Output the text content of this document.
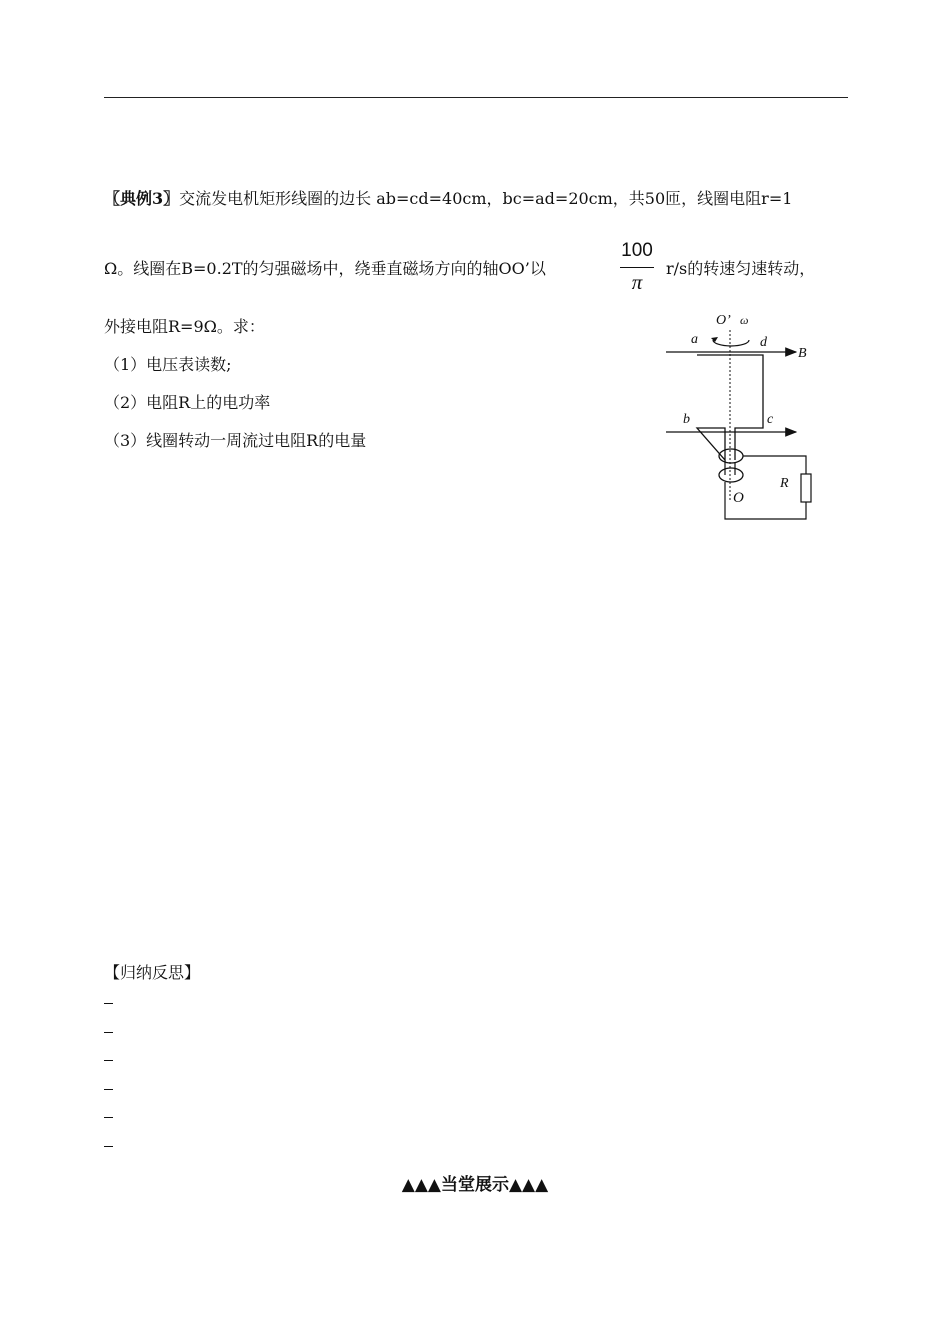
〖典例3〗交流发电机矩形线圈的边长 ab=cd=40cm，bc=ad=20cm，共50匝，线圈电阻r=1
Ω。线圈在B=0.2T的匀强磁场中，绕垂直磁场方向的轴OO’以
100
π
r/s的转速匀速转动，
外接电阻R=9Ω。求：
（1）电压表读数;
（2）电阻R上的电功率
（3）线圈转动一周流过电阻R的电量
O’ ω
a	d
B
b	c
R
O
【归纳反思】
▲▲▲当堂展示▲▲▲
